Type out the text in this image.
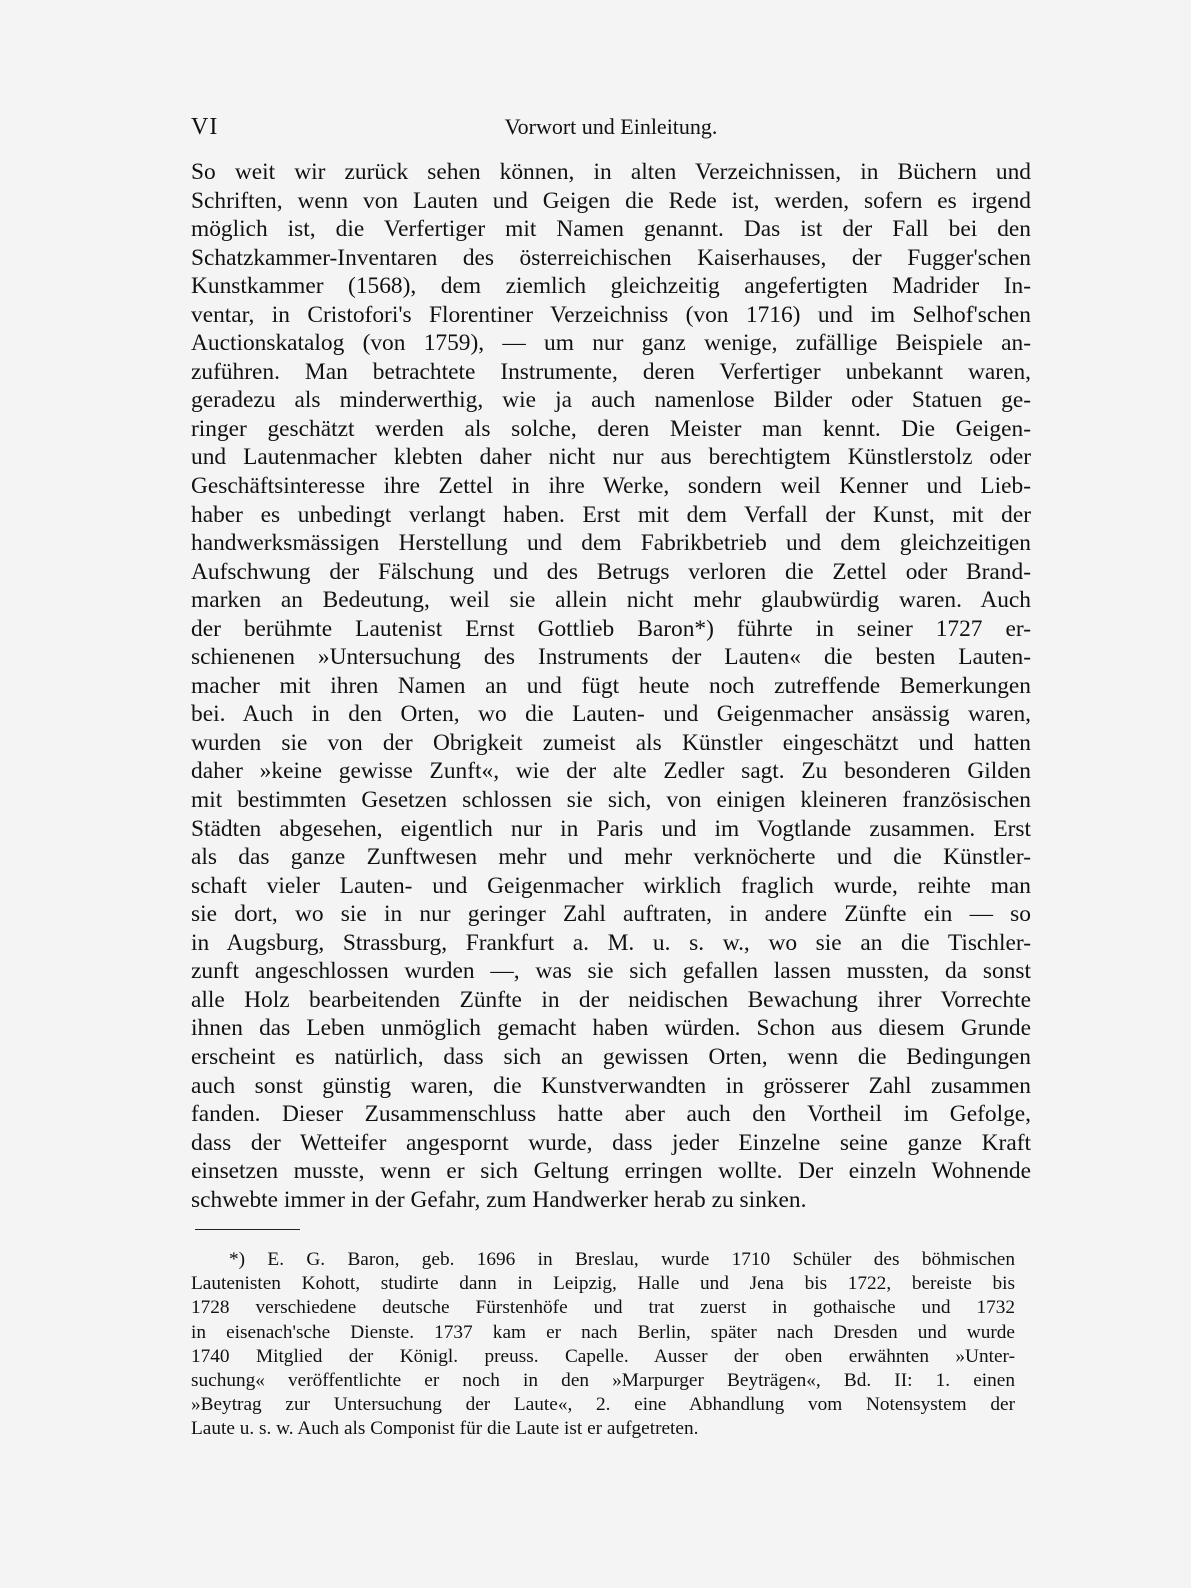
VI	Vorwort und Einleitung.
So weit wir zurück sehen können, in alten Verzeichnissen, in Büchern und
Schriften, wenn von Lauten und Geigen die Rede ist, werden, sofern es irgend
möglich ist, die Verfertiger mit Namen genannt. Das ist der Fall bei den
Schatzkammer-Inventaren des österreichischen Kaiserhauses, der Fugger'schen
Kunstkammer (1568), dem ziemlich gleichzeitig angefertigten Madrider In-
ventar, in Cristofori's Florentiner Verzeichniss (von 1716) und im Selhof'schen
Auctionskatalog (von 1759), — um nur ganz wenige, zufällige Beispiele an-
zuführen. Man betrachtete Instrumente, deren Verfertiger unbekannt waren,
geradezu als minderwerthig, wie ja auch namenlose Bilder oder Statuen ge-
ringer geschätzt werden als solche, deren Meister man kennt. Die Geigen-
und Lautenmacher klebten daher nicht nur aus berechtigtem Künstlerstolz oder
Geschäftsinteresse ihre Zettel in ihre Werke, sondern weil Kenner und Lieb-
haber es unbedingt verlangt haben. Erst mit dem Verfall der Kunst, mit der
handwerksmässigen Herstellung und dem Fabrikbetrieb und dem gleichzeitigen
Aufschwung der Fälschung und des Betrugs verloren die Zettel oder Brand-
marken an Bedeutung, weil sie allein nicht mehr glaubwürdig waren. Auch
der berühmte Lautenist Ernst Gottlieb Baron*) führte in seiner 1727 er-
schienenen »Untersuchung des Instruments der Lauten« die besten Lauten-
macher mit ihren Namen an und fügt heute noch zutreffende Bemerkungen
bei. Auch in den Orten, wo die Lauten- und Geigenmacher ansässig waren,
wurden sie von der Obrigkeit zumeist als Künstler eingeschätzt und hatten
daher »keine gewisse Zunft«, wie der alte Zedler sagt. Zu besonderen Gilden
mit bestimmten Gesetzen schlossen sie sich, von einigen kleineren französischen
Städten abgesehen, eigentlich nur in Paris und im Vogtlande zusammen. Erst
als das ganze Zunftwesen mehr und mehr verknöcherte und die Künstler-
schaft vieler Lauten- und Geigenmacher wirklich fraglich wurde, reihte man
sie dort, wo sie in nur geringer Zahl auftraten, in andere Zünfte ein — so
in Augsburg, Strassburg, Frankfurt a. M. u. s. w., wo sie an die Tischler-
zunft angeschlossen wurden —, was sie sich gefallen lassen mussten, da sonst
alle Holz bearbeitenden Zünfte in der neidischen Bewachung ihrer Vorrechte
ihnen das Leben unmöglich gemacht haben würden. Schon aus diesem Grunde
erscheint es natürlich, dass sich an gewissen Orten, wenn die Bedingungen
auch sonst günstig waren, die Kunstverwandten in grösserer Zahl zusammen
fanden. Dieser Zusammenschluss hatte aber auch den Vortheil im Gefolge,
dass der Wetteifer angespornt wurde, dass jeder Einzelne seine ganze Kraft
einsetzen musste, wenn er sich Geltung erringen wollte. Der einzeln Wohnende
schwebte immer in der Gefahr, zum Handwerker herab zu sinken.
*) E. G. Baron, geb. 1696 in Breslau, wurde 1710 Schüler des böhmischen
Lautenisten Kohott, studirte dann in Leipzig, Halle und Jena bis 1722, bereiste bis
1728 verschiedene deutsche Fürstenhöfe und trat zuerst in gothaische und 1732
in eisenach'sche Dienste. 1737 kam er nach Berlin, später nach Dresden und wurde
1740 Mitglied der Königl. preuss. Capelle. Ausser der oben erwähnten »Unter-
suchung« veröffentlichte er noch in den »Marpurger Beyträgen«, Bd. II: 1. einen
»Beytrag zur Untersuchung der Laute«, 2. eine Abhandlung vom Notensystem der
Laute u. s. w. Auch als Componist für die Laute ist er aufgetreten.
